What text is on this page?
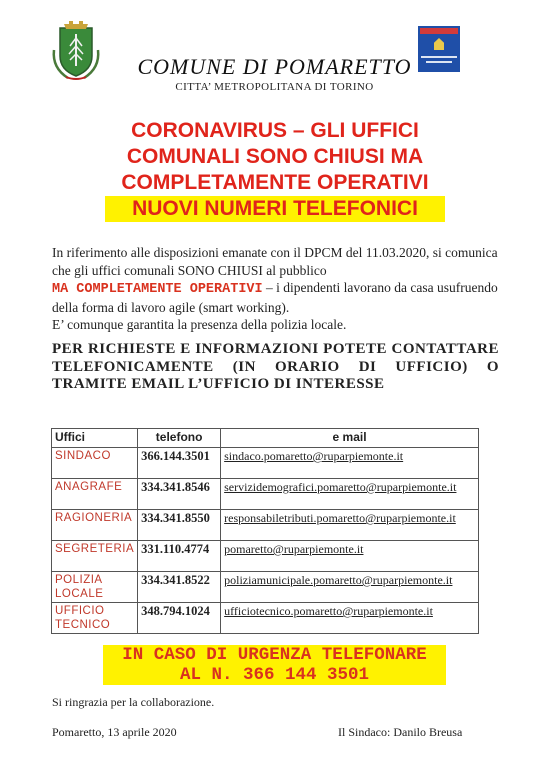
COMUNE DI POMARETTO
CITTA’ METROPOLITANA DI TORINO
CORONAVIRUS – GLI UFFICI
COMUNALI SONO CHIUSI MA
COMPLETAMENTE OPERATIVI
NUOVI NUMERI TELEFONICI
In riferimento alle disposizioni emanate con il DPCM del 11.03.2020, si comunica che gli uffici comunali SONO CHIUSI al pubblico
MA COMPLETAMENTE OPERATIVI – i dipendenti lavorano da casa usufruendo della forma di lavoro agile (smart working).
E’ comunque garantita la presenza della polizia locale.
PER RICHIESTE E INFORMAZIONI POTETE CONTATTARE TELEFONICAMENTE (IN ORARIO DI UFFICIO) O TRAMITE EMAIL L’UFFICIO DI INTERESSE
Uffici	telefono	e mail
SINDACO	366.144.3501	sindaco.pomaretto@ruparpiemonte.it
ANAGRAFE	334.341.8546	servizidemografici.pomaretto@ruparpiemonte.it
RAGIONERIA	334.341.8550	responsabiletributi.pomaretto@ruparpiemonte.it
SEGRETERIA	331.110.4774	pomaretto@ruparpiemonte.it
POLIZIA LOCALE	334.341.8522	poliziamunicipale.pomaretto@ruparpiemonte.it
UFFICIO TECNICO	348.794.1024	ufficiotecnico.pomaretto@ruparpiemonte.it
IN CASO DI URGENZA TELEFONARE
AL N. 366 144 3501
Si ringrazia per la collaborazione.
Pomaretto, 13 aprile 2020	Il Sindaco: Danilo Breusa
